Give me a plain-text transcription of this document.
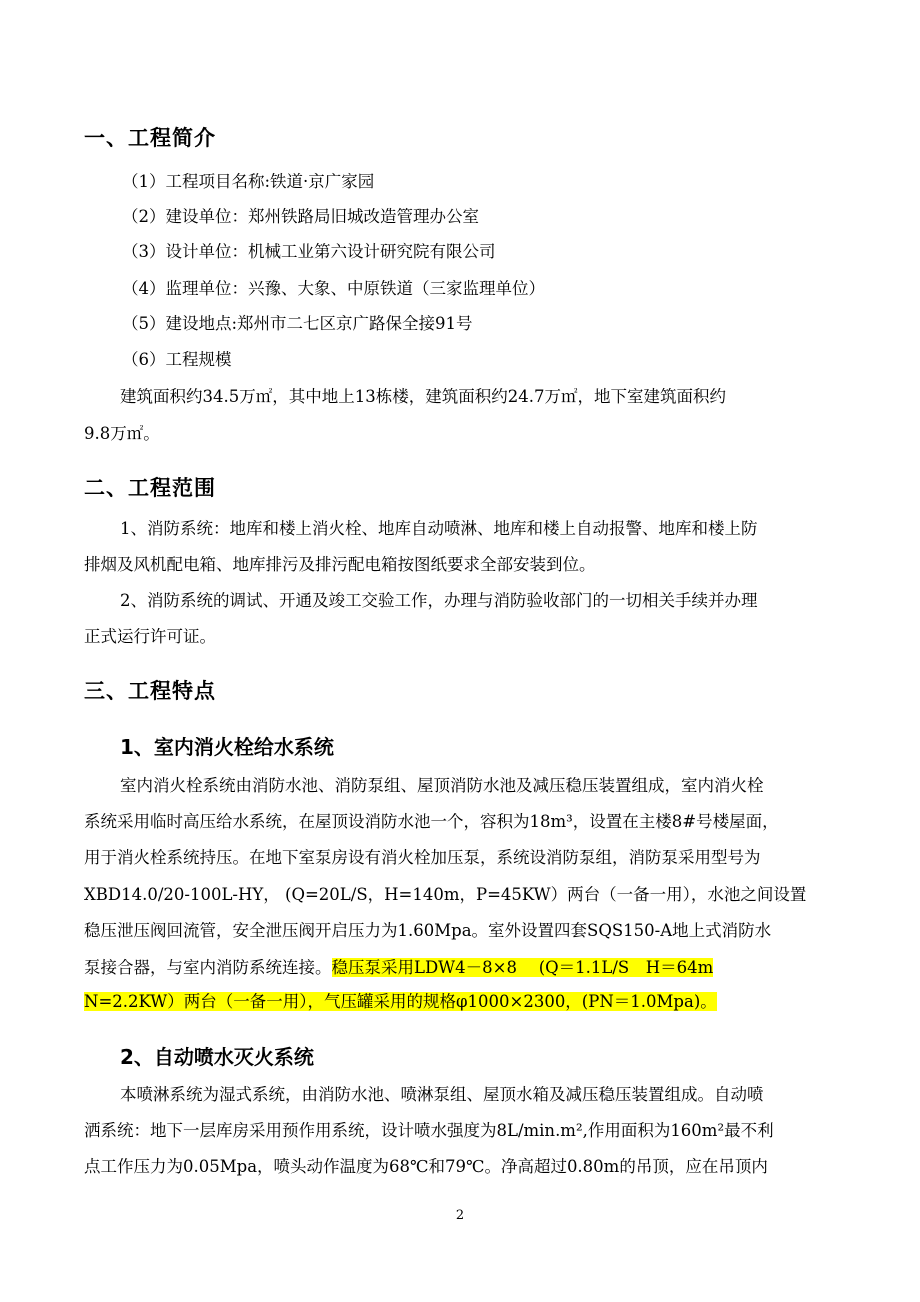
一、工程简介
（1）工程项目名称:铁道·京广家园
（2）建设单位：郑州铁路局旧城改造管理办公室
（3）设计单位：机械工业第六设计研究院有限公司
（4）监理单位：兴豫、大象、中原铁道（三家监理单位）
（5）建设地点:郑州市二七区京广路保全接91号
（6）工程规模
建筑面积约34.5万㎡，其中地上13栋楼，建筑面积约24.7万㎡，地下室建筑面积约
9.8万㎡。
二、工程范围
1、消防系统：地库和楼上消火栓、地库自动喷淋、地库和楼上自动报警、地库和楼上防
排烟及风机配电箱、地库排污及排污配电箱按图纸要求全部安装到位。
2、消防系统的调试、开通及竣工交验工作，办理与消防验收部门的一切相关手续并办理
正式运行许可证。
三、工程特点
1、室内消火栓给水系统
室内消火栓系统由消防水池、消防泵组、屋顶消防水池及减压稳压装置组成，室内消火栓
系统采用临时高压给水系统，在屋顶设消防水池一个，容积为18m³，设置在主楼8#号楼屋面，
用于消火栓系统持压。在地下室泵房设有消火栓加压泵，系统设消防泵组，消防泵采用型号为
XBD14.0/20-100L-HY， (Q=20L/S，H=140m，P=45KW）两台（一备一用），水池之间设置
稳压泄压阀回流管，安全泄压阀开启压力为1.60Mpa。室外设置四套SQS150-A地上式消防水
泵接合器，与室内消防系统连接。稳压泵采用LDW4－8×8　 (Q＝1.1L/S　H＝64m
N=2.2KW）两台（一备一用），气压罐采用的规格φ1000×2300，(PN＝1.0Mpa)。
2、自动喷水灭火系统
本喷淋系统为湿式系统，由消防水池、喷淋泵组、屋顶水箱及减压稳压装置组成。自动喷
洒系统：地下一层库房采用预作用系统，设计喷水强度为8L/min.m²,作用面积为160m²最不利
点工作压力为0.05Mpa，喷头动作温度为68℃和79℃。净高超过0.80m的吊顶，应在吊顶内
2
